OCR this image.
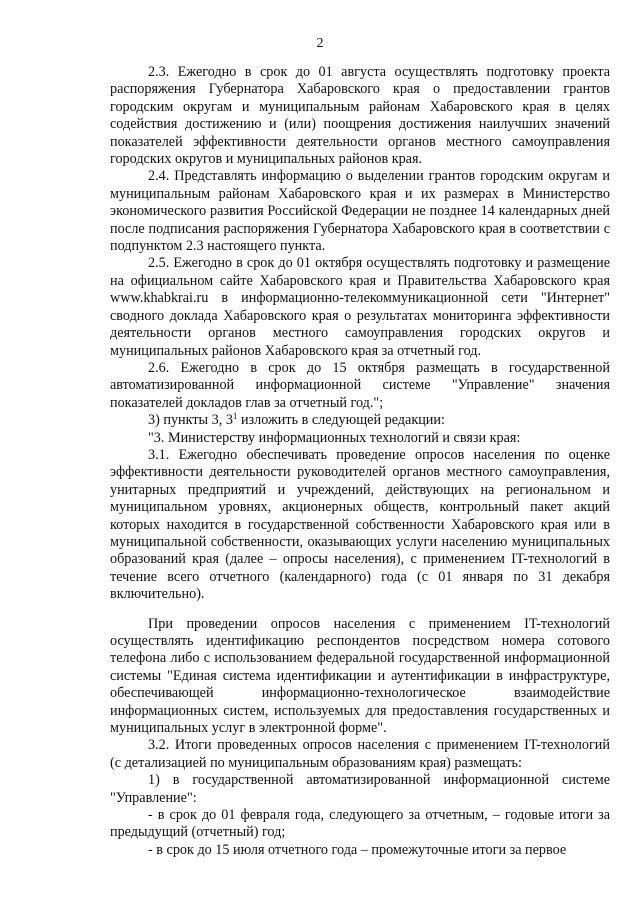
2

2.3. Ежегодно в срок до 01 августа осуществлять подготовку проекта распоряжения Губернатора Хабаровского края о предоставлении грантов городским округам и муниципальным районам Хабаровского края в целях содействия достижению и (или) поощрения достижения наилучших значений показателей эффективности деятельности органов местного самоуправления городских округов и муниципальных районов края.

2.4. Представлять информацию о выделении грантов городским округам и муниципальным районам Хабаровского края и их размерах в Министерство экономического развития Российской Федерации не позднее 14 календарных дней после подписания распоряжения Губернатора Хабаровского края в соответствии с подпунктом 2.3 настоящего пункта.

2.5. Ежегодно в срок до 01 октября осуществлять подготовку и размещение на официальном сайте Хабаровского края и Правительства Хабаровского края www.khabkrai.ru в информационно-телекоммуникационной сети "Интернет" сводного доклада Хабаровского края о результатах мониторинга эффективности деятельности органов местного самоуправления городских округов и муниципальных районов Хабаровского края за отчетный год.

2.6. Ежегодно в срок до 15 октября размещать в государственной автоматизированной информационной системе "Управление" значения показателей докладов глав за отчетный год.";

3) пункты 3, $3^1$ изложить в следующей редакции:

"3. Министерству информационных технологий и связи края:

3.1. Ежегодно обеспечивать проведение опросов населения по оценке эффективности деятельности руководителей органов местного самоуправления, унитарных предприятий и учреждений, действующих на региональном и муниципальном уровнях, акционерных обществ, контрольный пакет акций которых находится в государственной собственности Хабаровского края или в муниципальной собственности, оказывающих услуги населению муниципальных образований края (далее – опросы населения), с применением IT-технологий в течение всего отчетного (календарного) года (с 01 января по 31 декабря включительно).

При проведении опросов населения с применением IT-технологий осуществлять идентификацию респондентов посредством номера сотового телефона либо с использованием федеральной государственной информационной системы "Единая система идентификации и аутентификации в инфраструктуре, обеспечивающей информационно-технологическое взаимодействие информационных систем, используемых для предоставления государственных и муниципальных услуг в электронной форме".

3.2. Итоги проведенных опросов населения с применением IT-технологий (с детализацией по муниципальным образованиям края) размещать:

1) в государственной автоматизированной информационной системе "Управление":

- в срок до 01 февраля года, следующего за отчетным, – годовые итоги за предыдущий (отчетный) год;

- в срок до 15 июля отчетного года – промежуточные итоги за первое
